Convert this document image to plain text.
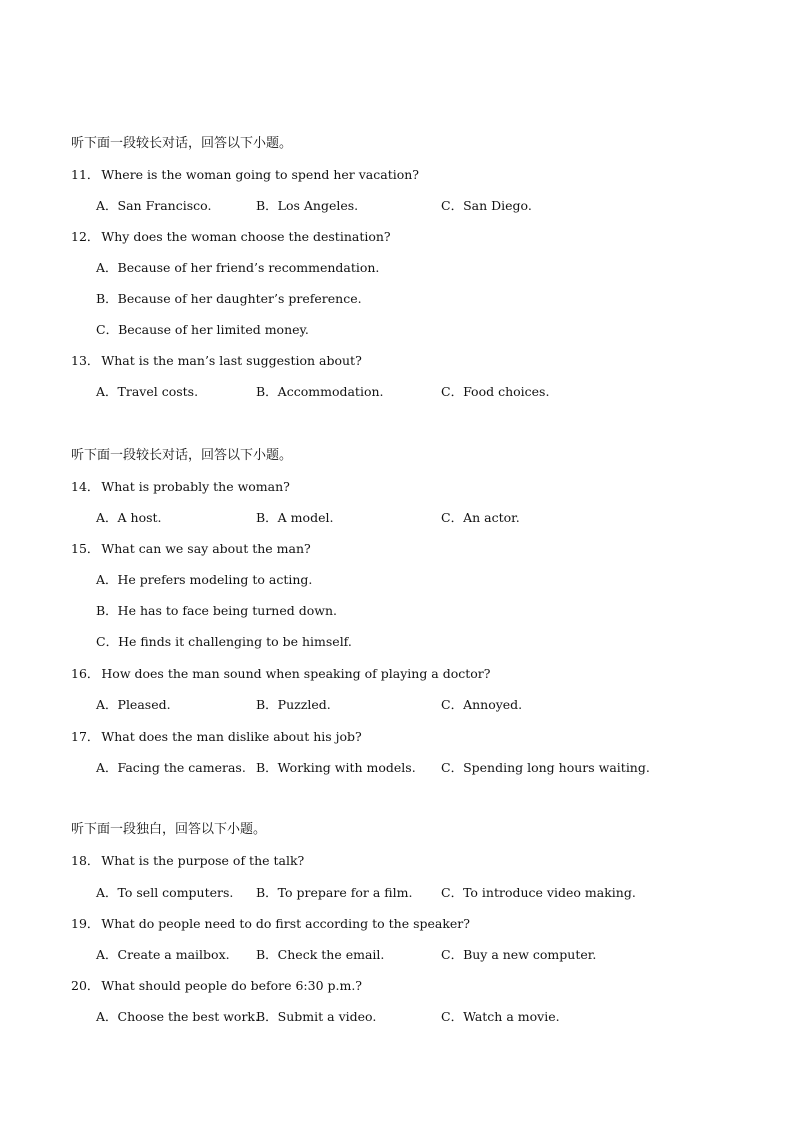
听下面一段较长对话，回答以下小题。
11． Where is the woman going to spend her vacation?
A．San Francisco.	B．Los Angeles.	C．San Diego.
12． Why does the woman choose the destination?
A．Because of her friend’s recommendation.
B．Because of her daughter’s preference.
C．Because of her limited money.
13． What is the man’s last suggestion about?
A．Travel costs.	B．Accommodation.	C．Food choices.
听下面一段较长对话，回答以下小题。
14． What is probably the woman?
A．A host.	B．A model.	C．An actor.
15． What can we say about the man?
A．He prefers modeling to acting.
B．He has to face being turned down.
C．He finds it challenging to be himself.
16． How does the man sound when speaking of playing a doctor?
A．Pleased.	B．Puzzled.	C．Annoyed.
17． What does the man dislike about his job?
A．Facing the cameras. B．Working with models. C．Spending long hours waiting.
听下面一段独白，回答以下小题。
18． What is the purpose of the talk?
A．To sell computers. B．To prepare for a film. C．To introduce video making.
19． What do people need to do first according to the speaker?
A．Create a mailbox. B．Check the email.	C．Buy a new computer.
20． What should people do before 6:30 p.m.?
A．Choose the best work.
B．Submit a video.	C．Watch a movie.
